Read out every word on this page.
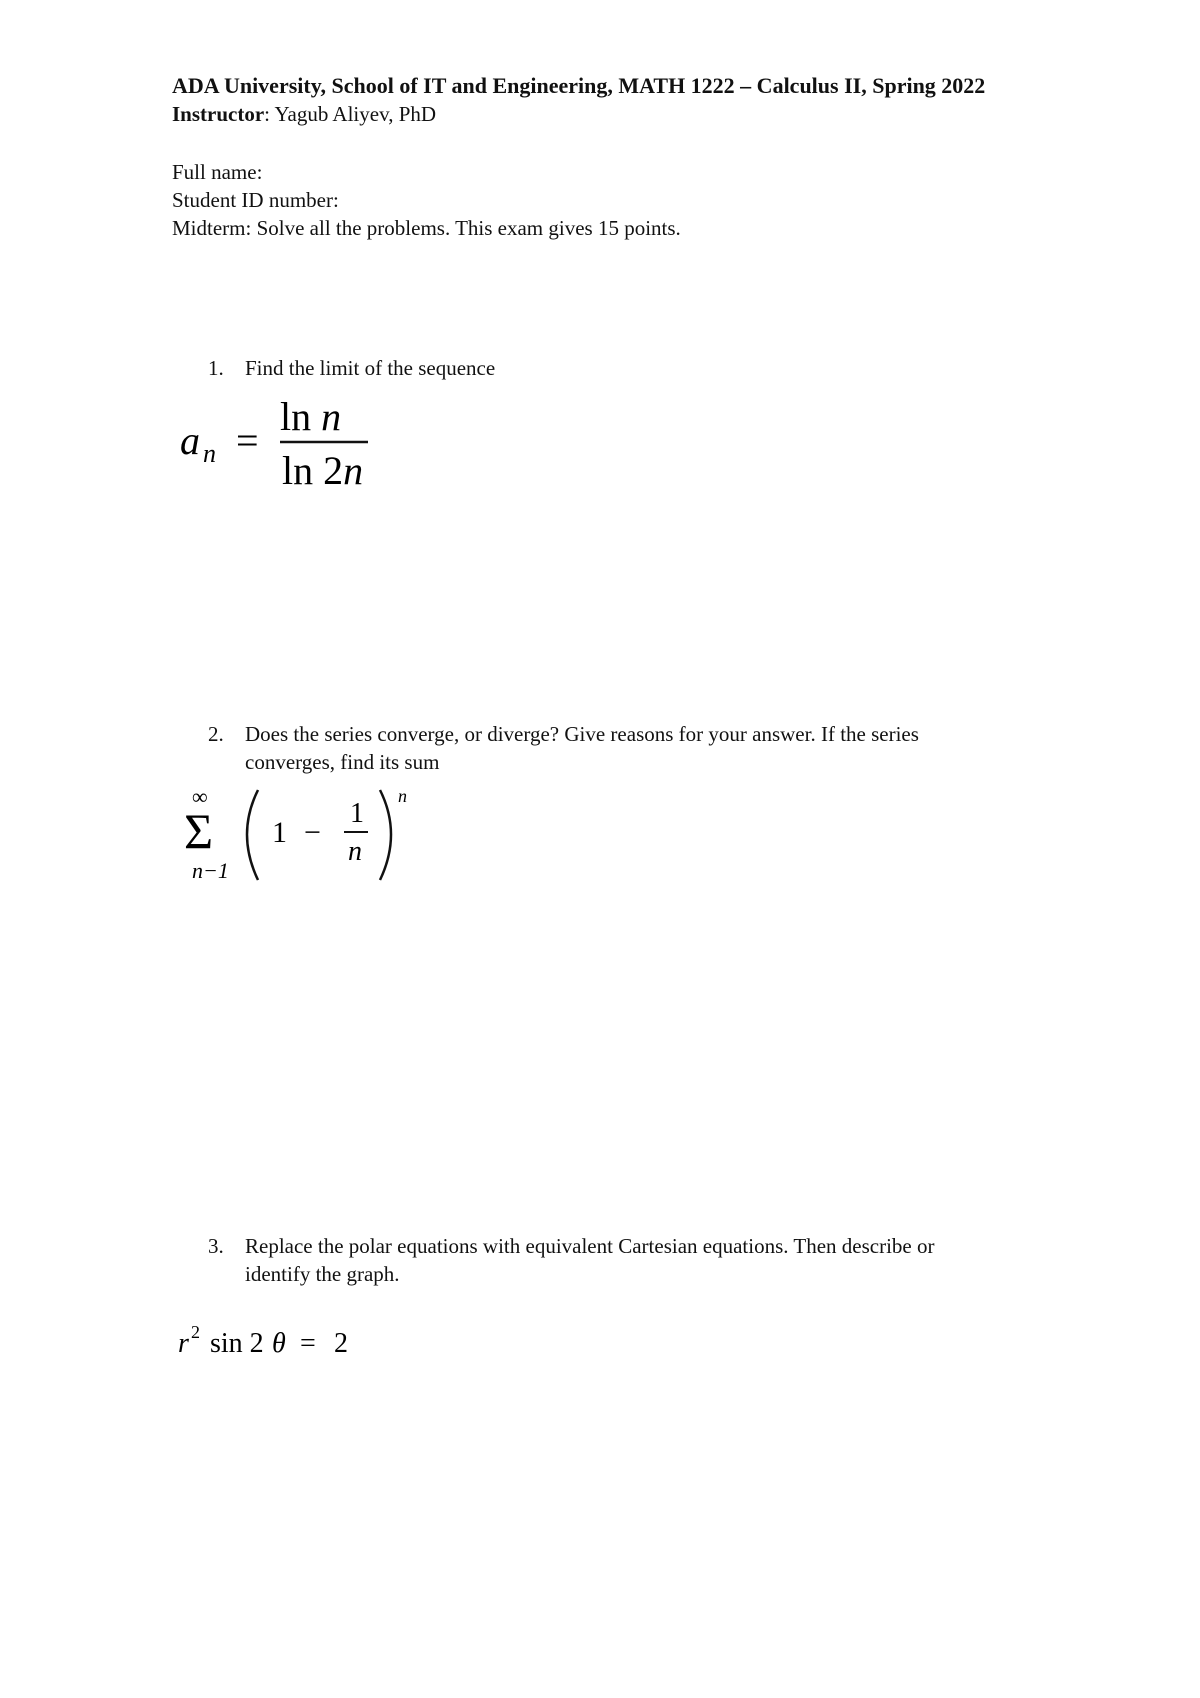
ADA University, School of IT and Engineering, MATH 1222 – Calculus II, Spring 2022
Instructor: Yagub Aliyev, PhD
Full name:
Student ID number:
Midterm: Solve all the problems. This exam gives 15 points.
1. Find the limit of the sequence
a n =
ln n
ln 2n
2. Does the series converge, or diverge? Give reasons for your answer. If the series
converges, find its sum
∞
Σ
n−1
1 −
1
n
n
3. Replace the polar equations with equivalent Cartesian equations. Then describe or
identify the graph.
r 2 sin 2 θ = 2
